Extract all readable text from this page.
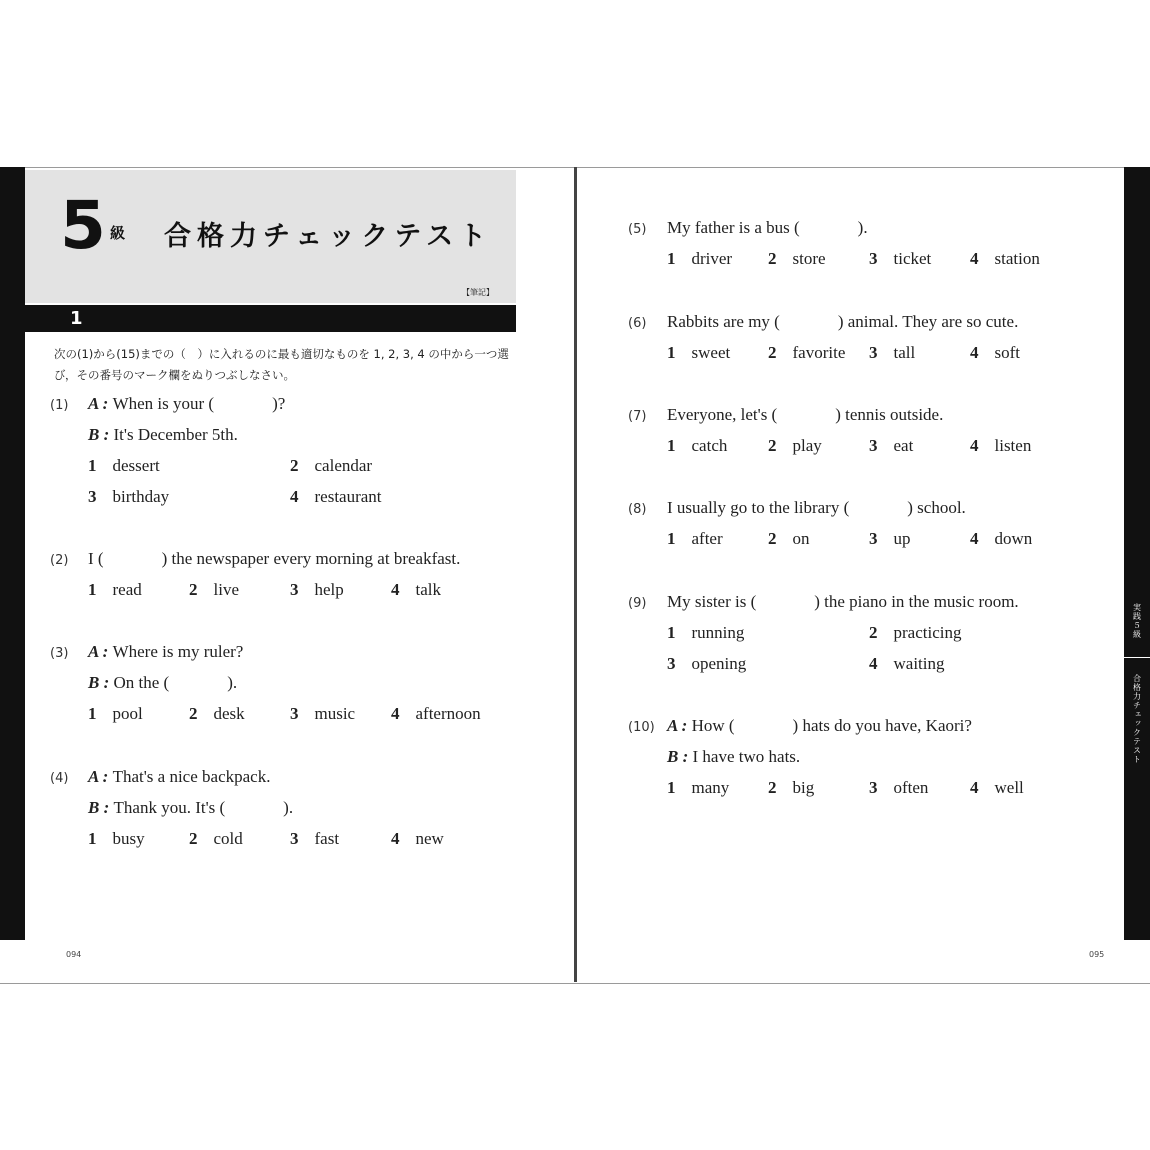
実践５級
合格力チェックテスト
5 級 合格力チェックテスト
【筆記】
1
次の(1)から(15)までの（　）に入れるのに最も適切なものを 1, 2, 3, 4 の中から一つ選び，その番号のマーク欄をぬりつぶしなさい。
(1) A : When is your (	)?
B : It's December 5th.
1 dessert	2 calendar
3 birthday	4 restaurant
(2) I (	) the newspaper every morning at breakfast.
1 read	2 live	3 help	4 talk
(3) A : Where is my ruler?
B : On the (	).
1 pool	2 desk	3 music 4 afternoon
(4) A : That's a nice backpack.
B : Thank you. It's (	).
1 busy	2 cold	3 fast	4 new
(5) My father is a bus (	).
1 driver 2 store	3 ticket 4 station
(6) Rabbits are my (	) animal. They are so cute.
1 sweet 2 favorite 3 tall	4 soft
(7) Everyone, let's (	) tennis outside.
1 catch 2 play	3 eat	4 listen
(8) I usually go to the library (	) school.
1 after	2 on	3 up	4 down
(9) My sister is (	) the piano in the music room.
1 running	2 practicing
3 opening	4 waiting
(10) A : How (	) hats do you have, Kaori?
B : I have two hats.
1 many 2 big	3 often 4 well
094	095
